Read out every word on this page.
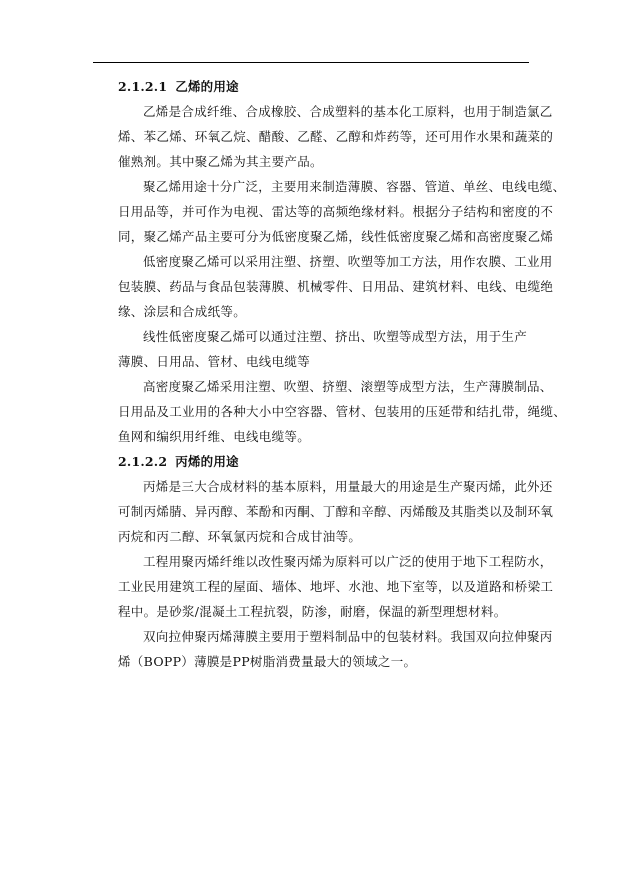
2.1.2.1 乙烯的用途

乙烯是合成纤维、合成橡胶、合成塑料的基本化工原料，也用于制造氯乙
烯、苯乙烯、环氧乙烷、醋酸、乙醛、乙醇和炸药等，还可用作水果和蔬菜的
催熟剂。其中聚乙烯为其主要产品。

聚乙烯用途十分广泛，主要用来制造薄膜、容器、管道、单丝、电线电缆、
日用品等，并可作为电视、雷达等的高频绝缘材料。根据分子结构和密度的不
同，聚乙烯产品主要可分为低密度聚乙烯，线性低密度聚乙烯和高密度聚乙烯

低密度聚乙烯可以采用注塑、挤塑、吹塑等加工方法，用作农膜、工业用
包装膜、药品与食品包装薄膜、机械零件、日用品、建筑材料、电线、电缆绝
缘、涂层和合成纸等。

线性低密度聚乙烯可以通过注塑、挤出、吹塑等成型方法，用于生产
薄膜、日用品、管材、电线电缆等

高密度聚乙烯采用注塑、吹塑、挤塑、滚塑等成型方法，生产薄膜制品、
日用品及工业用的各种大小中空容器、管材、包装用的压延带和结扎带，绳缆、
鱼网和编织用纤维、电线电缆等。

2.1.2.2 丙烯的用途

丙烯是三大合成材料的基本原料，用量最大的用途是生产聚丙烯，此外还
可制丙烯腈、异丙醇、苯酚和丙酮、丁醇和辛醇、丙烯酸及其脂类以及制环氧
丙烷和丙二醇、环氧氯丙烷和合成甘油等。

工程用聚丙烯纤维以改性聚丙烯为原料可以广泛的使用于地下工程防水，
工业民用建筑工程的屋面、墙体、地坪、水池、地下室等，以及道路和桥梁工
程中。是砂浆/混凝土工程抗裂，防渗，耐磨，保温的新型理想材料。

双向拉伸聚丙烯薄膜主要用于塑料制品中的包装材料。我国双向拉伸聚丙
烯（BOPP）薄膜是PP树脂消费量最大的领域之一。
